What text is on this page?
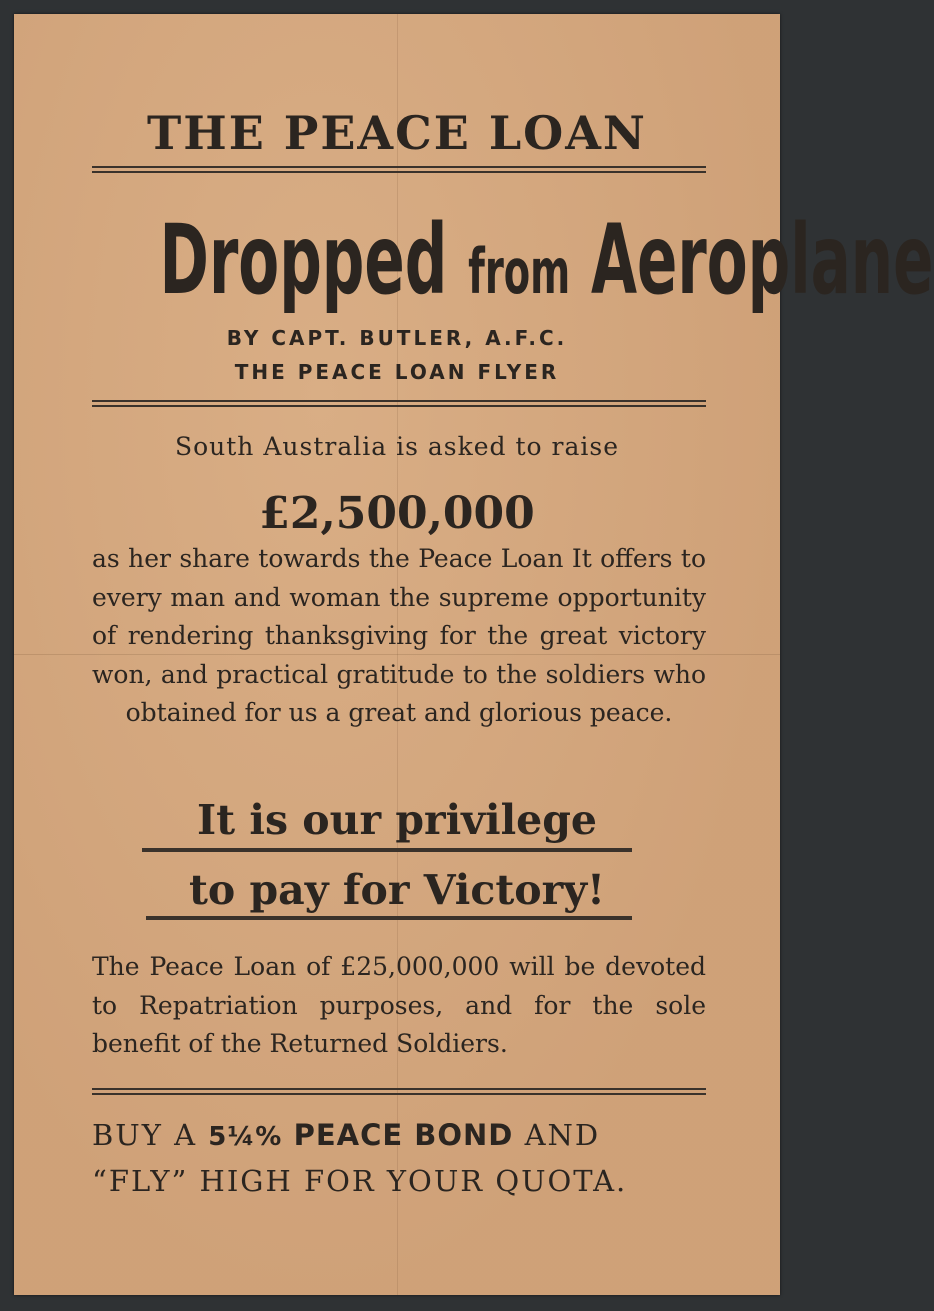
THE PEACE LOAN
Dropped from Aeroplane
BY CAPT. BUTLER, A.F.C.
THE PEACE LOAN FLYER
South Australia is asked to raise
£2,500,000
as her share towards the Peace Loan It offers to every man and woman the supreme opportunity of rendering thanksgiving for the great victory won, and practical gratitude to the soldiers who obtained for us a great and glorious peace.
It is our privilege
to pay for Victory!
The Peace Loan of £25,000,000 will be devoted to Repatriation purposes, and for the sole benefit of the Returned Soldiers.
BUY A 5¼% PEACE BOND AND
“FLY” HIGH FOR YOUR QUOTA.
